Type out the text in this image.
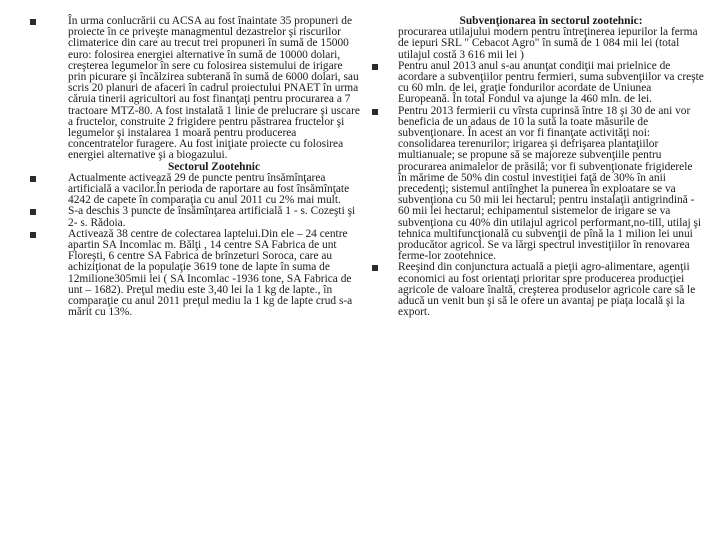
În urma conlucrării cu ACSA au fost înaintate 35 propuneri de proiecte în ce priveşte managmentul dezastrelor şi riscurilor climaterice din care au trecut trei propuneri în sumă de 15000 euro: folosirea energiei alternative în sumă de 10000 dolari, creşterea legumelor în sere cu folosirea sistemului de irigare prin picurare şi încălzirea subterană în sumă de 6000 dolari, sau scris 20 planuri de afaceri în cadrul proiectului PNAET în urma căruia tinerii agricultori au fost finanţaţi pentru procurarea a 7 tractoare MTZ-80. A fost instalată 1 linie de prelucrare şi uscare a fructelor, construite 2 frigidere pentru păstrarea fructelor şi legumelor şi instalarea 1 moară pentru producerea concentratelor furagere. Au fost iniţiate proiecte cu folosirea energiei alternative şi a biogazului.

Sectorul Zootehnic

Actualmente activează 29 de puncte pentru însămînţarea artificială a vacilor.În perioda de raportare au fost însămînţate 4242 de capete în comparaţia cu anul 2011 cu 2% mai mult.

S-a deschis 3 puncte de însămînţarea artificială 1 - s. Cozeşti şi 2- s. Rădoia.

Activează 38 centre de colectarea laptelui.Din ele – 24 centre apartin SA Incomlac m. Bălţi , 14 centre SA Fabrica de unt Floreşti, 6 centre SA Fabrica de brînzeturi Soroca, care au achiziţionat de la populaţie 3619 tone de lapte în suma de 12milione305mii lei ( SA Incomlac -1936 tone, SA Fabrica de unt – 1682). Preţul mediu este 3,40 lei la 1 kg de lapte., în comparaţie cu anul 2011 preţul mediu la 1 kg de lapte crud s-a mărit cu 13%.

Subvenţionarea în sectorul zootehnic:

procurarea utilajului modern pentru întreţinerea iepurilor la ferma de iepuri SRL " Cebacot Agro" în sumă de 1 084 mii lei (total utilajul costă 3 616 mii lei )

Pentru anul 2013 anul s-au anunţat condiţii mai prielnice de acordare a subvenţiilor pentru fermieri, suma subvenţiilor va creşte cu 60 mln. de lei, graţie fondurilor acordate de Uniunea Europeană. În total Fondul va ajunge la 460 mln. de lei.

Pentru 2013 fermierii cu vîrsta cuprinsă între 18 şi 30 de ani vor beneficia de un adaus de 10 la sută la toate măsurile de subvenţionare. În acest an vor fi finanţate activităţi noi: consolidarea terenurilor; irigarea şi defrişarea plantaţiilor multianuale; se propune să se majoreze subvenţiile pentru procurarea animalelor de prăsilă; vor fi subvenţionate frigiderele în mărime de 50% din costul investiţiei faţă de 30% în anii precedenţi; sistemul antiînghet la punerea în exploatare se va subvenţiona cu 50 mii lei hectarul; pentru instalaţii antigrindină - 60 mii lei hectarul; echipamentul sistemelor de irigare se va subvenţiona cu 40% din utilajul agricol performant,no-till, utilaj şi tehnica multifuncţională cu subvenţii de pînă la 1 milion lei unui producător agricol. Se va lărgi spectrul investiţiilor în renovarea ferme-lor zootehnice.

Reeşind din conjunctura actuală a pieţii agro-alimentare, agenţii economici au fost orientaţi prioritar spre producerea producţiei agricole de valoare înaltă, creşterea produselor agricole care să le aducă un venit bun şi să le ofere un avantaj pe piaţa locală şi la export.
